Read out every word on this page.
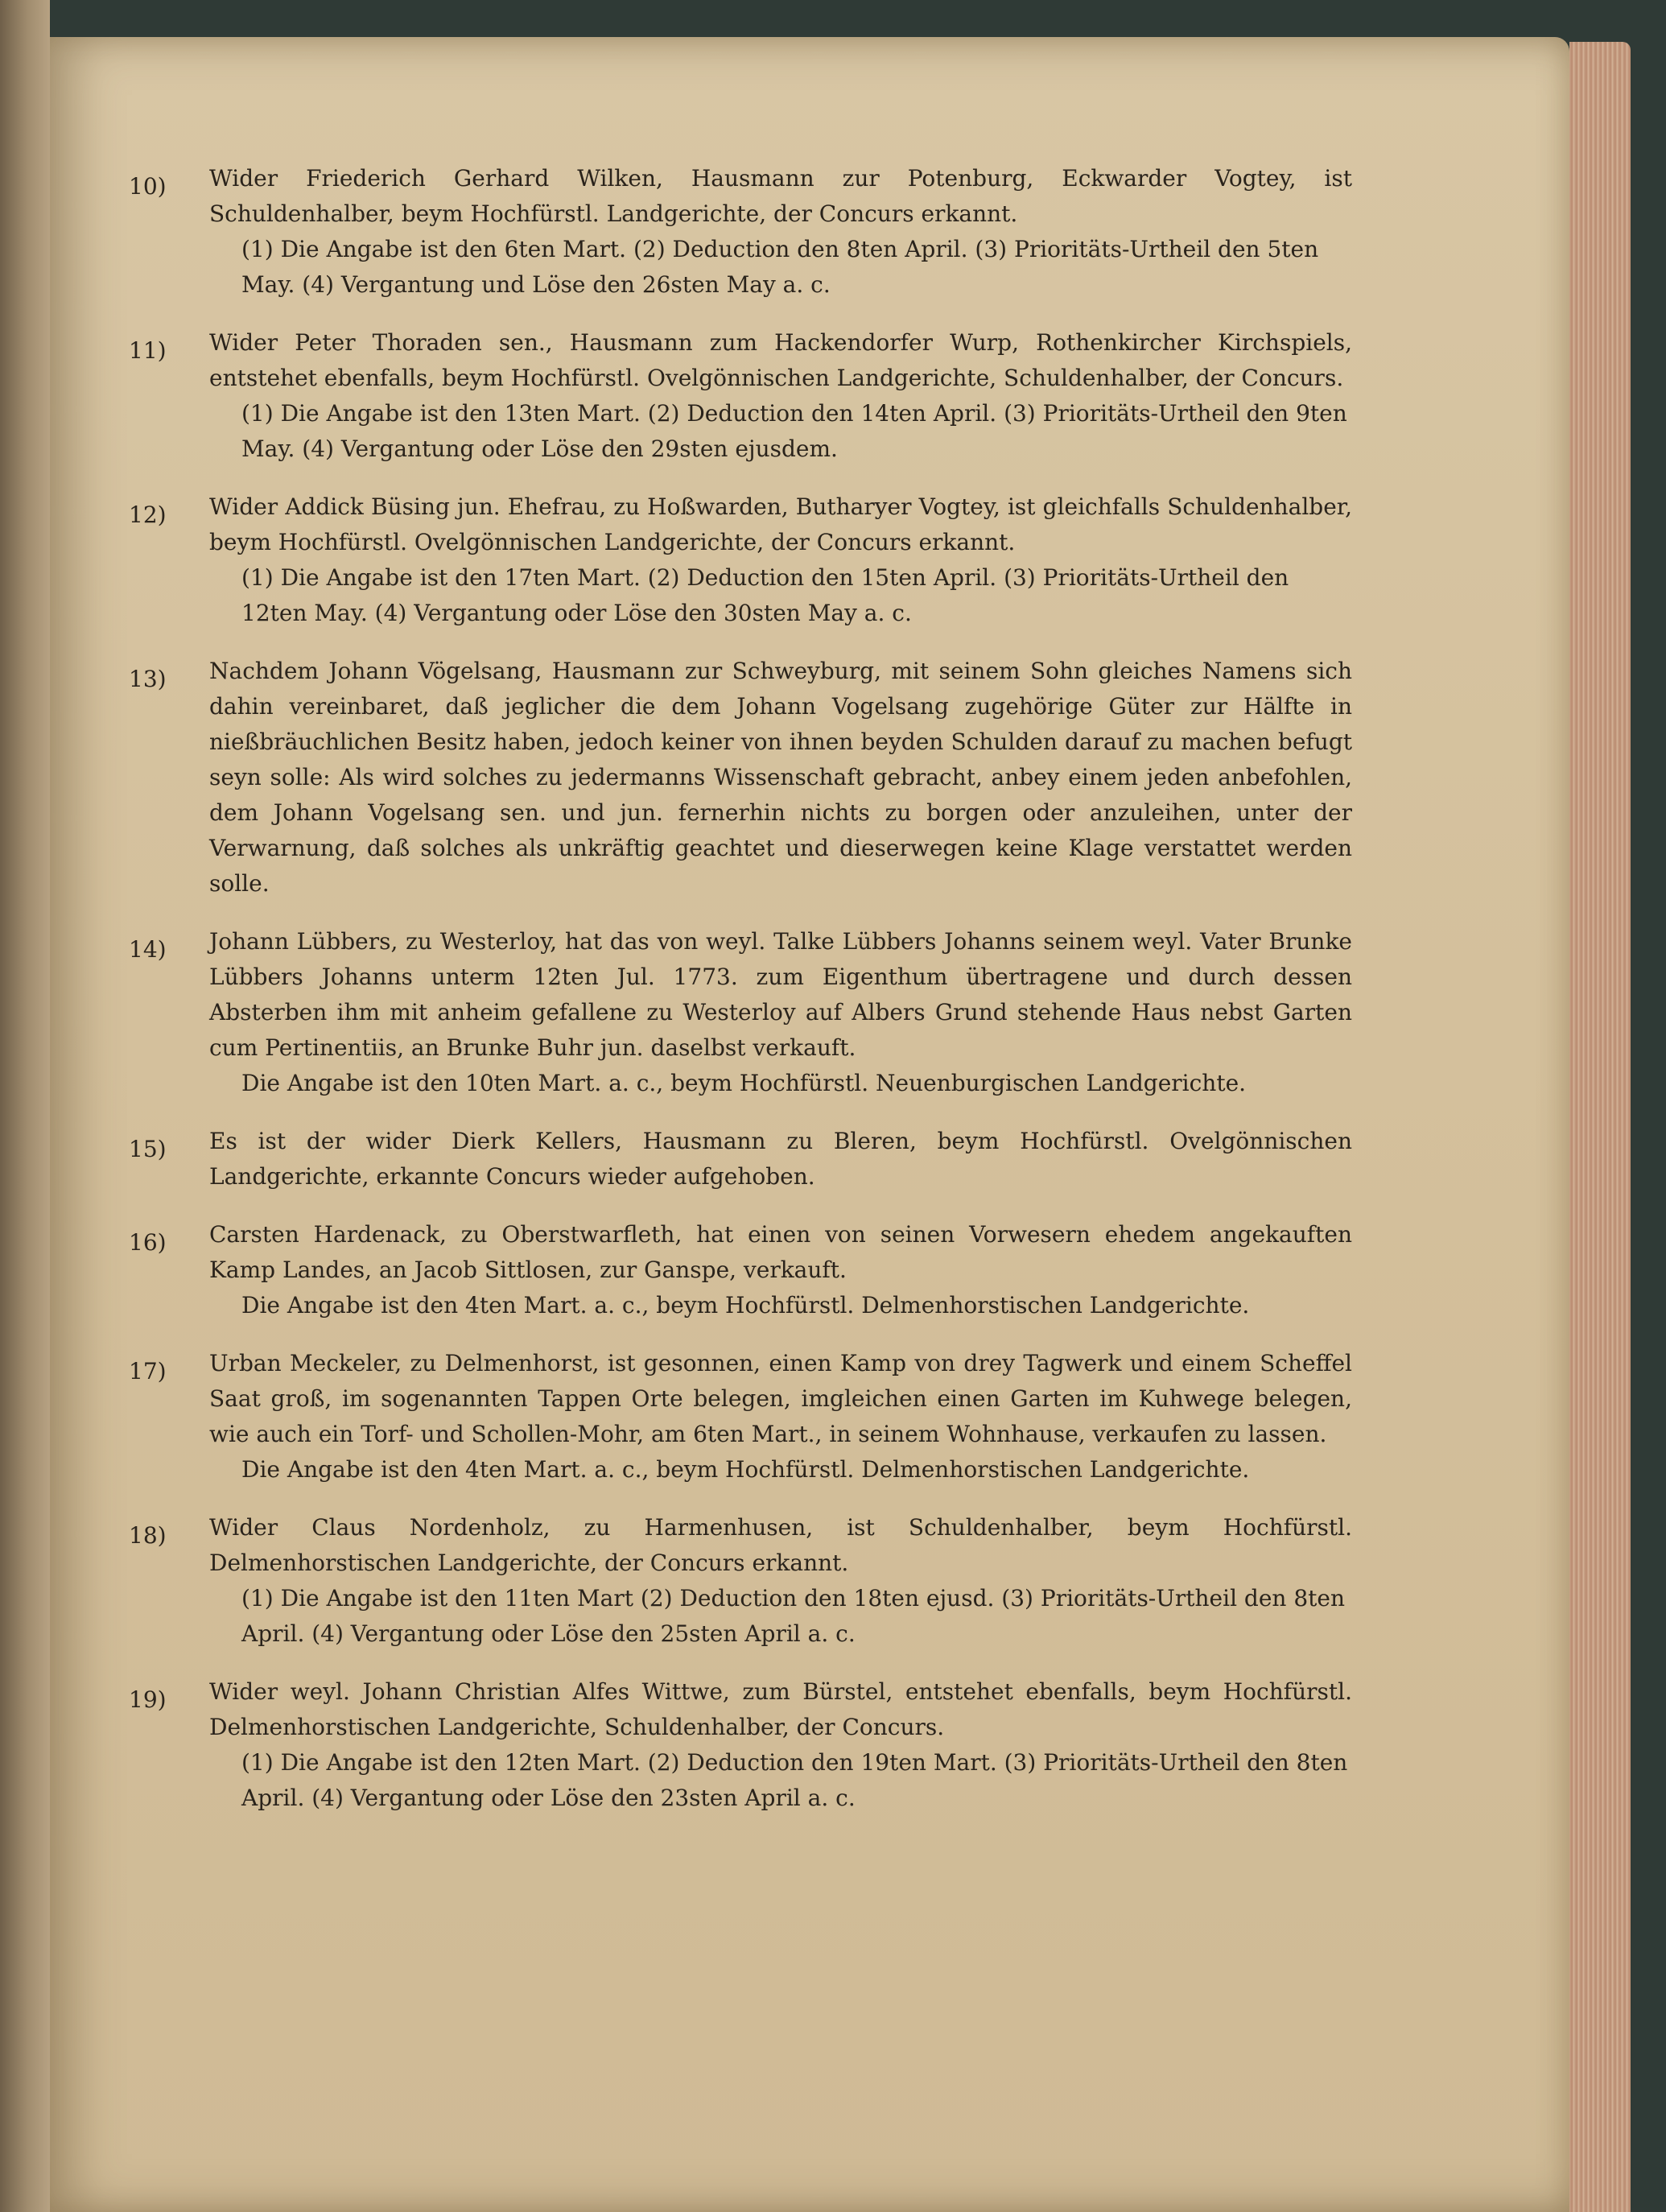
10) Wider Friederich Gerhard Wilken, Hausmann zur Potenburg, Eckwarder Vogtey, ist Schuldenhalber, beym Hochfürstl. Landgerichte, der Concurs erkannt.
(1) Die Angabe ist den 6ten Mart. (2) Deduction den 8ten April. (3) Prioritäts-Urtheil den 5ten May. (4) Vergantung und Löse den 26sten May a. c.
11) Wider Peter Thoraden sen., Hausmann zum Hackendorfer Wurp, Rothenkircher Kirchspiels, entstehet ebenfalls, beym Hochfürstl. Ovelgönnischen Landgerichte, Schuldenhalber, der Concurs.
(1) Die Angabe ist den 13ten Mart. (2) Deduction den 14ten April. (3) Prioritäts-Urtheil den 9ten May. (4) Vergantung oder Löse den 29sten ejusdem.
12) Wider Addick Büsing jun. Ehefrau, zu Hoßwarden, Butharyer Vogtey, ist gleichfalls Schuldenhalber, beym Hochfürstl. Ovelgönnischen Landgerichte, der Concurs erkannt.
(1) Die Angabe ist den 17ten Mart. (2) Deduction den 15ten April. (3) Prioritäts-Urtheil den 12ten May. (4) Vergantung oder Löse den 30sten May a. c.
13) Nachdem Johann Vögelsang, Hausmann zur Schweyburg, mit seinem Sohn gleiches Namens sich dahin vereinbaret, daß jeglicher die dem Johann Vogelsang zugehörige Güter zur Hälfte in nießbräuchlichen Besitz haben, jedoch keiner von ihnen beyden Schulden darauf zu machen befugt seyn solle: Als wird solches zu jedermanns Wissenschaft gebracht, anbey einem jeden anbefohlen, dem Johann Vogelsang sen. und jun. fernerhin nichts zu borgen oder anzuleihen, unter der Verwarnung, daß solches als unkräftig geachtet und dieserwegen keine Klage verstattet werden solle.
14) Johann Lübbers, zu Westerloy, hat das von weyl. Talke Lübbers Johanns seinem weyl. Vater Brunke Lübbers Johanns unterm 12ten Jul. 1773. zum Eigenthum übertragene und durch dessen Absterben ihm mit anheim gefallene zu Westerloy auf Albers Grund stehende Haus nebst Garten cum Pertinentiis, an Brunke Buhr jun. daselbst verkauft.
Die Angabe ist den 10ten Mart. a. c., beym Hochfürstl. Neuenburgischen Landgerichte.
15) Es ist der wider Dierk Kellers, Hausmann zu Bleren, beym Hochfürstl. Ovelgönnischen Landgerichte, erkannte Concurs wieder aufgehoben.
16) Carsten Hardenack, zu Oberstwarfleth, hat einen von seinen Vorwesern ehedem angekauften Kamp Landes, an Jacob Sittlosen, zur Ganspe, verkauft.
Die Angabe ist den 4ten Mart. a. c., beym Hochfürstl. Delmenhorstischen Landgerichte.
17) Urban Meckeler, zu Delmenhorst, ist gesonnen, einen Kamp von drey Tagwerk und einem Scheffel Saat groß, im sogenannten Tappen Orte belegen, imgleichen einen Garten im Kuhwege belegen, wie auch ein Torf- und Schollen-Mohr, am 6ten Mart., in seinem Wohnhause, verkaufen zu lassen.
Die Angabe ist den 4ten Mart. a. c., beym Hochfürstl. Delmenhorstischen Landgerichte.
18) Wider Claus Nordenholz, zu Harmenhusen, ist Schuldenhalber, beym Hochfürstl. Delmenhorstischen Landgerichte, der Concurs erkannt.
(1) Die Angabe ist den 11ten Mart (2) Deduction den 18ten ejusd. (3) Prioritäts-Urtheil den 8ten April. (4) Vergantung oder Löse den 25sten April a. c.
19) Wider weyl. Johann Christian Alfes Wittwe, zum Bürstel, entstehet ebenfalls, beym Hochfürstl. Delmenhorstischen Landgerichte, Schuldenhalber, der Concurs.
(1) Die Angabe ist den 12ten Mart. (2) Deduction den 19ten Mart. (3) Prioritäts-Urtheil den 8ten April. (4) Vergantung oder Löse den 23sten April a. c.
